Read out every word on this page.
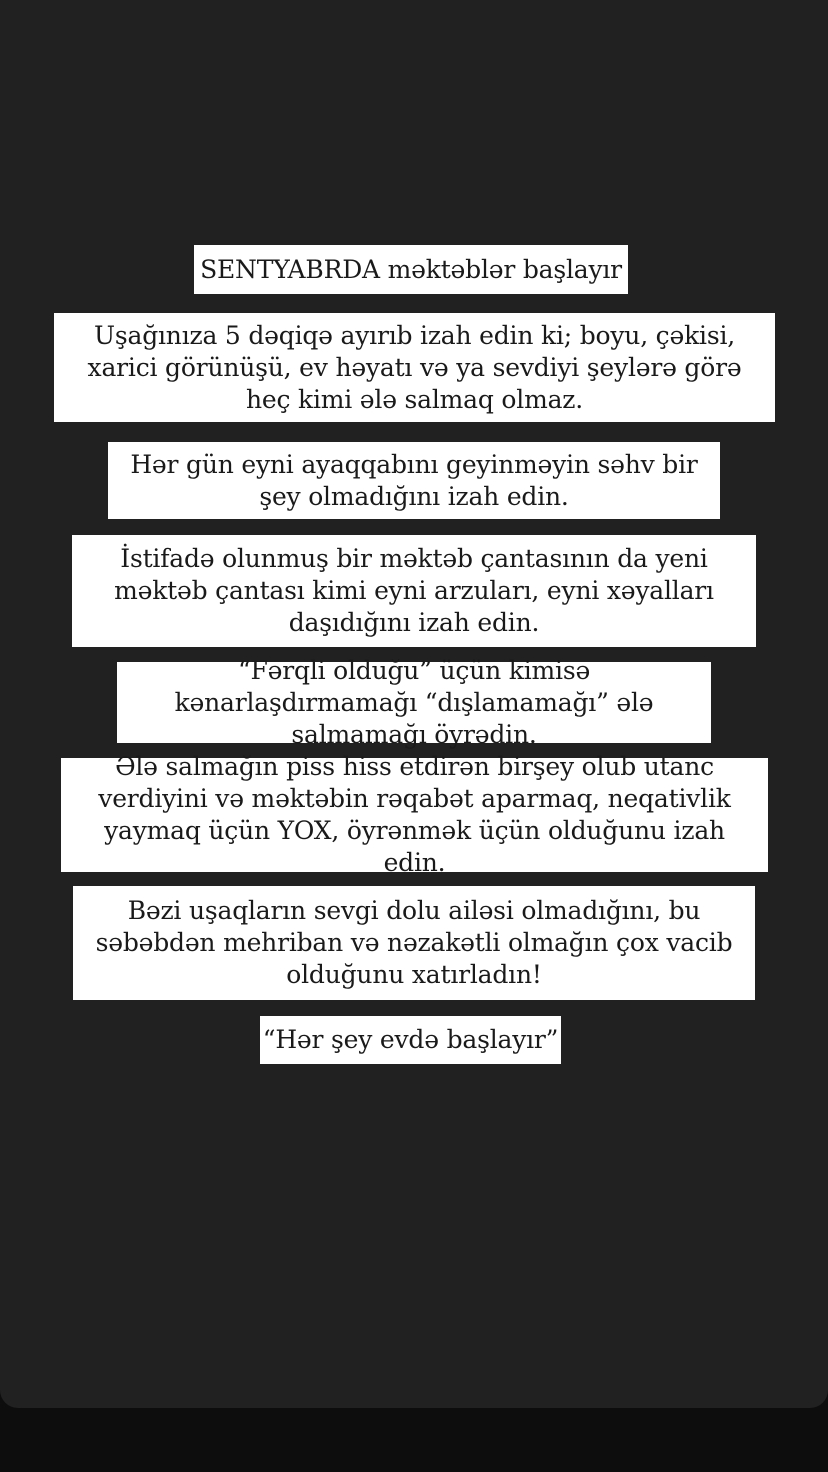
SENTYABRDA məktəblər başlayır
Uşağınıza 5 dəqiqə ayırıb izah edin ki; boyu, çəkisi, xarici görünüşü, ev həyatı və ya sevdiyi şeylərə görə heç kimi ələ salmaq olmaz.
Hər gün eyni ayaqqabını geyinməyin səhv bir şey olmadığını izah edin.
İstifadə olunmuş bir məktəb çantasının da yeni məktəb çantası kimi eyni arzuları, eyni xəyalları daşıdığını izah edin.
“Fərqli olduğu” üçün kimisə kənarlaşdırmamağı “dışlamamağı” ələ salmamağı öyrədin.
Ələ salmağın piss hiss etdirən birşey olub utanc verdiyini və məktəbin rəqabət aparmaq, neqativlik yaymaq üçün YOX, öyrənmək üçün olduğunu izah edin.
Bəzi uşaqların sevgi dolu ailəsi olmadığını, bu səbəbdən mehriban və nəzakətli olmağın çox vacib olduğunu xatırladın!
“Hər şey evdə başlayır”
